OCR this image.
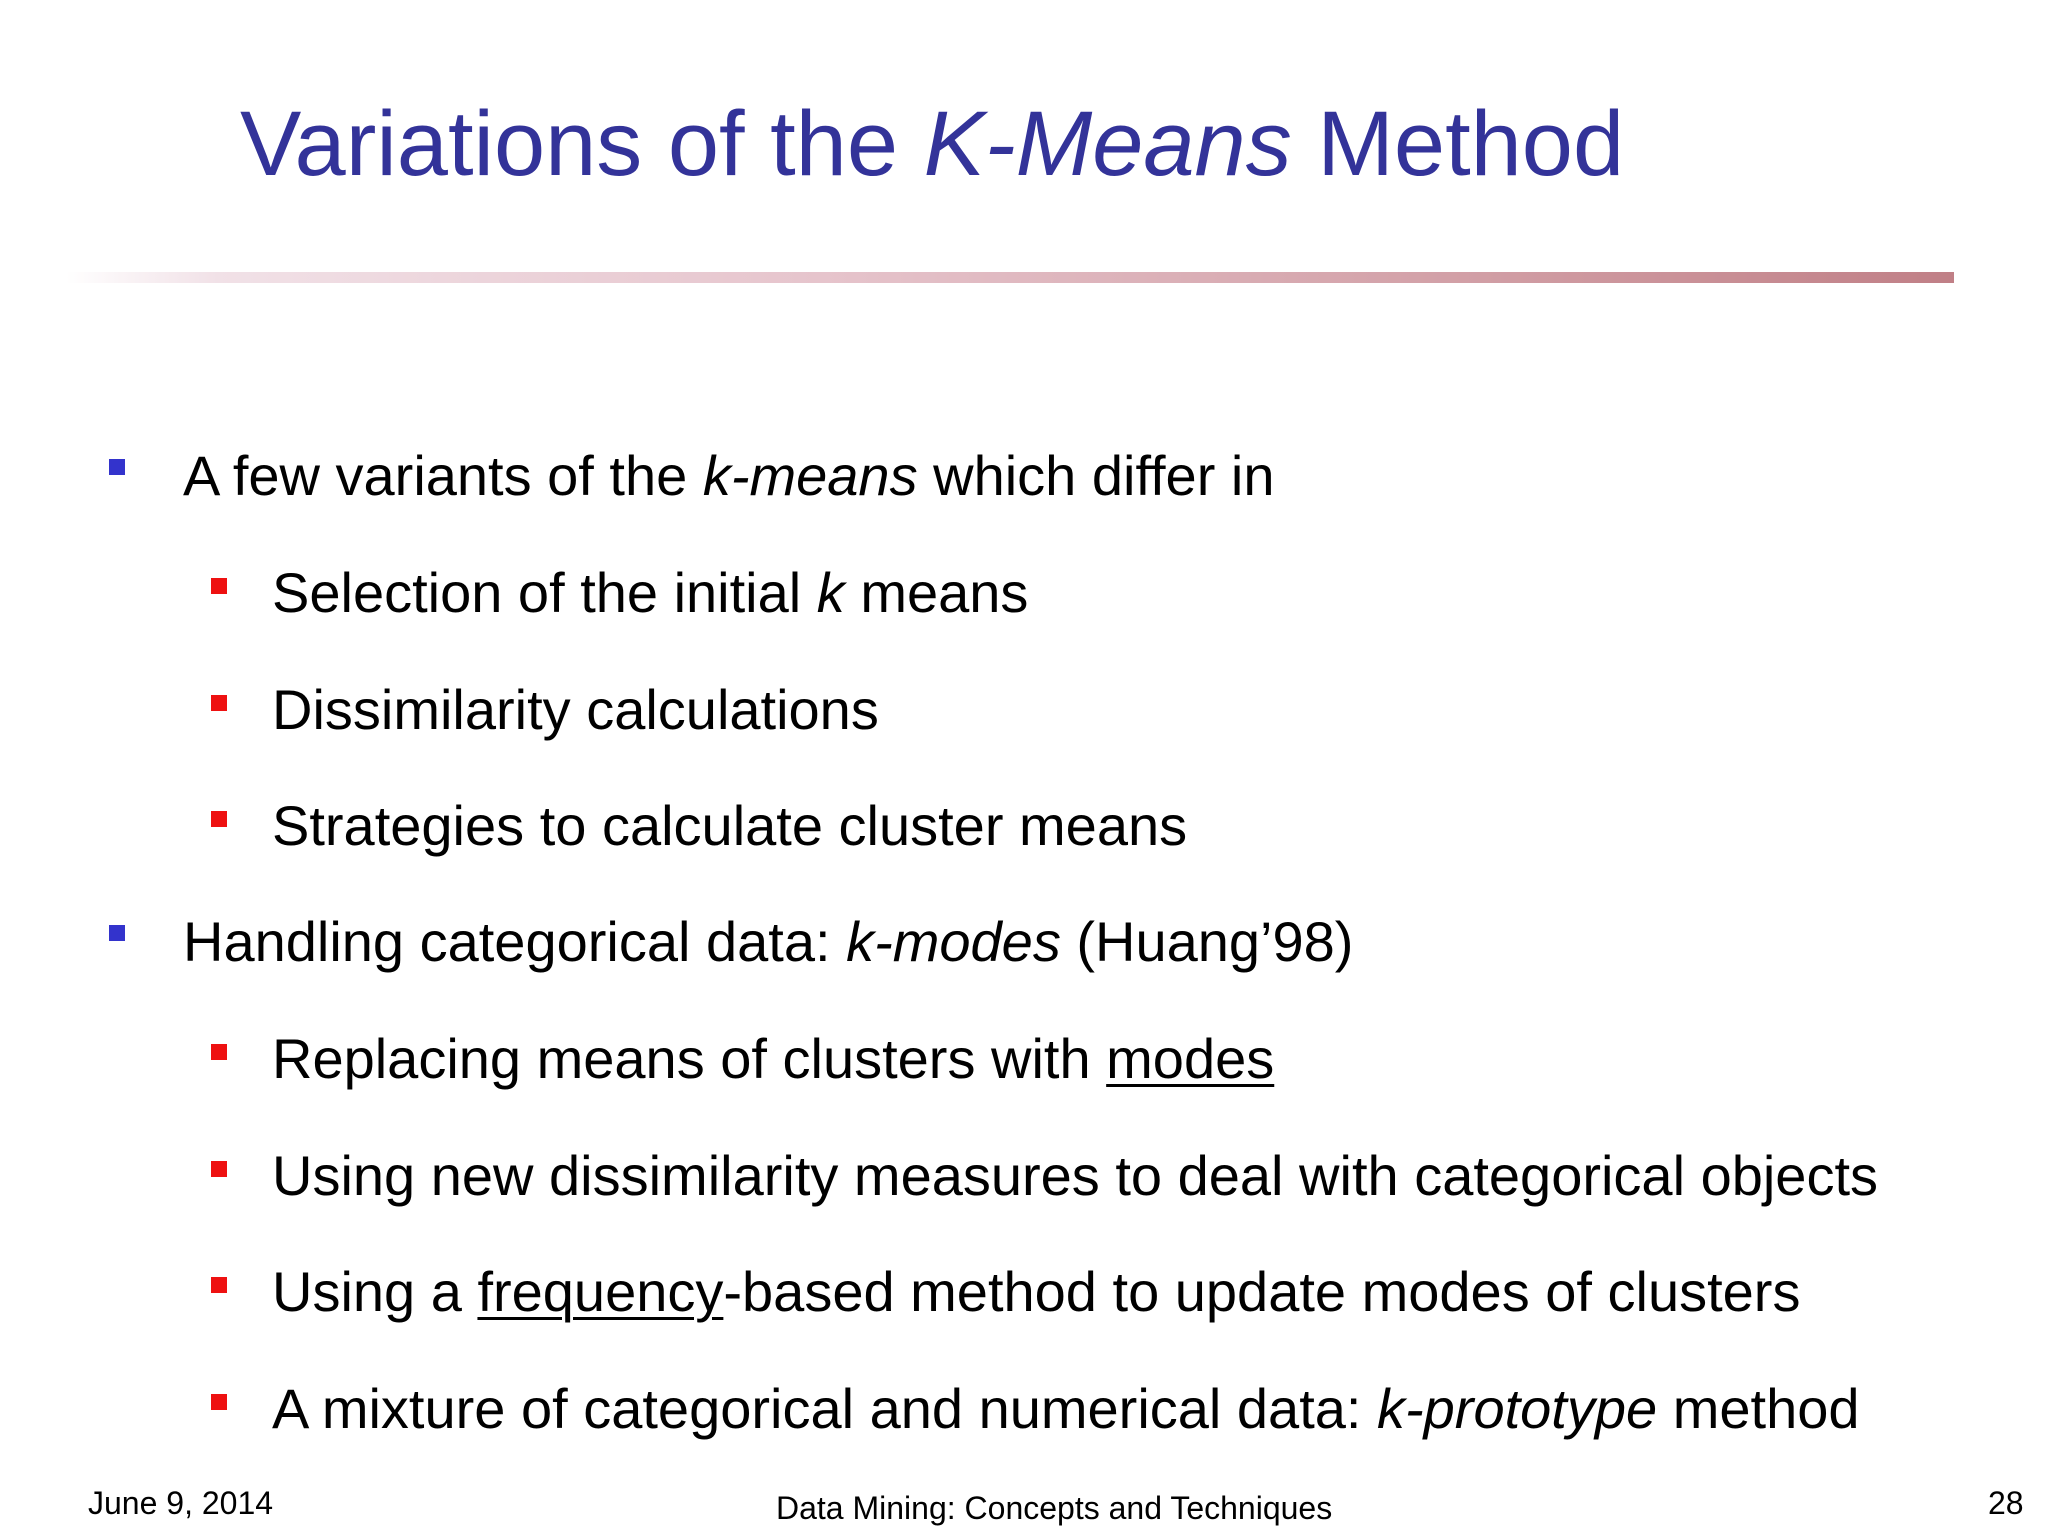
Variations of the K-Means Method
A few variants of the k-means which differ in
Selection of the initial k means
Dissimilarity calculations
Strategies to calculate cluster means
Handling categorical data: k-modes (Huang’98)
Replacing means of clusters with modes
Using new dissimilarity measures to deal with categorical objects
Using a frequency-based method to update modes of clusters
A mixture of categorical and numerical data: k-prototype method
June 9, 2014	Data Mining: Concepts and Techniques	28
